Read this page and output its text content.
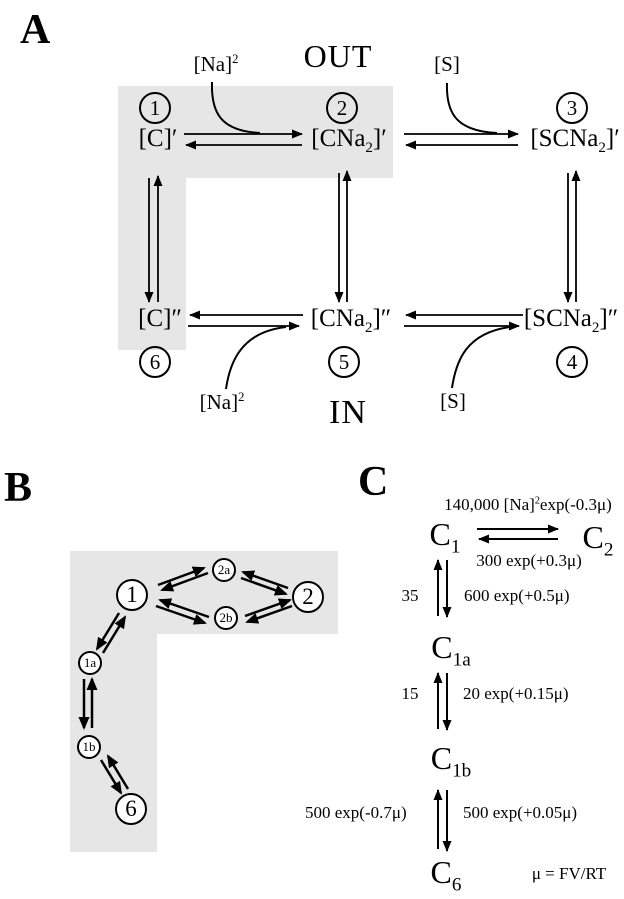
A
OUT
$[Na]^2$	[S]
1	2	3
[C]′	[CNa$_2$]′	[SCNa$_2$]′
[C]″	[CNa$_2$]″	[SCNa$_2$]″
6	5	4
$[Na]^2$ IN	[S]
B
1
2a
2b
2
1a
1b
6
C	140,000 $[Na]^2\exp(-0.3\mu)$
$C_1$	$C_2$
300 exp(+0.3μ)
35	600 exp(+0.5μ)
$C_{1a}$
15	20 exp(+0.15μ)
$C_{1b}$
500 exp(-0.7μ)	500 exp(+0.05μ)
$C_6$
μ = FV/RT
